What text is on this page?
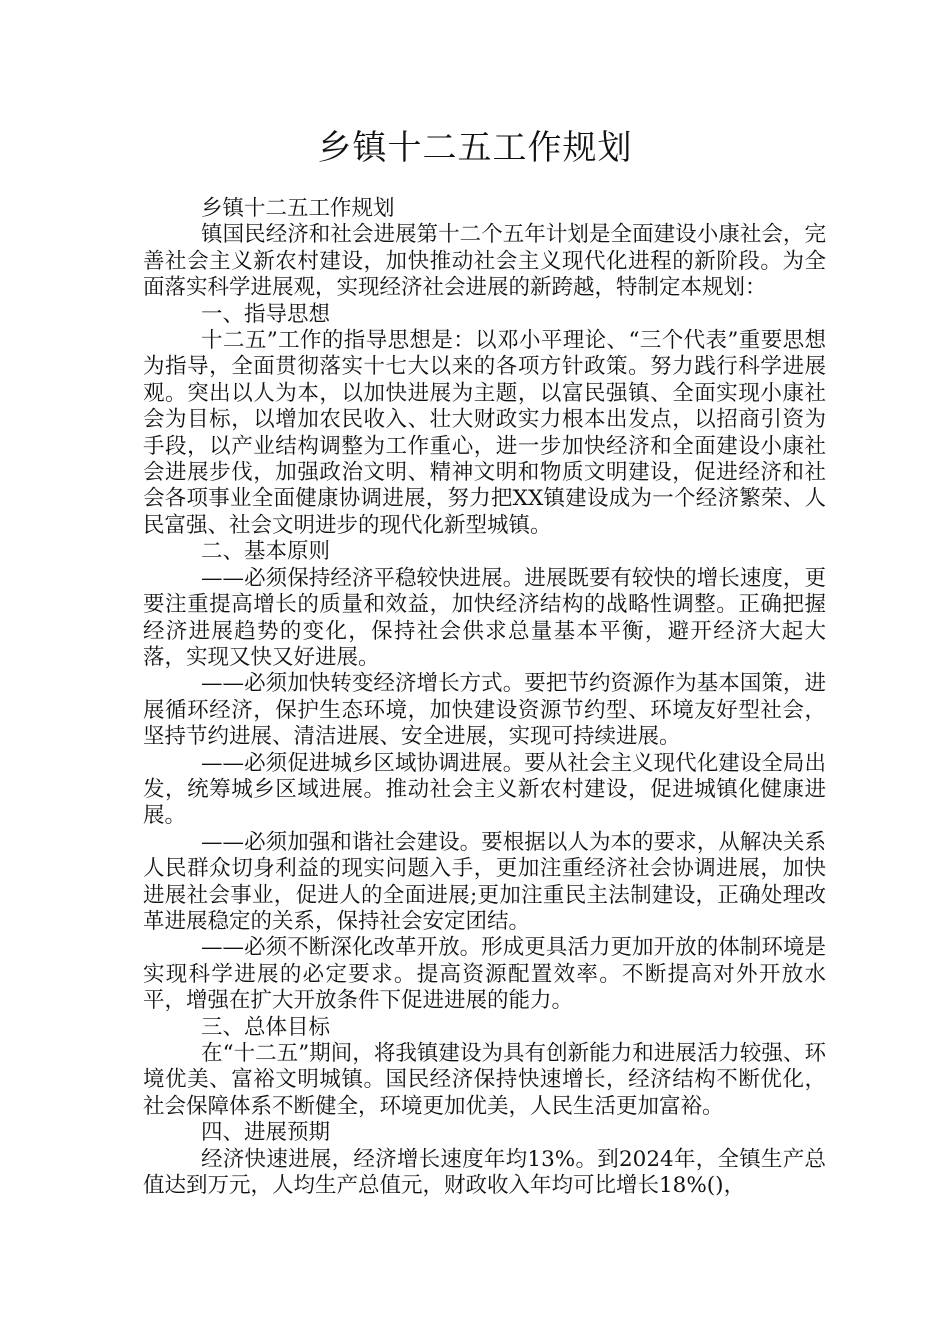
乡镇十二五工作规划

乡镇十二五工作规划

镇国民经济和社会进展第十二个五年计划是全面建设小康社会，完善社会主义新农村建设，加快推动社会主义现代化进程的新阶段。为全面落实科学进展观，实现经济社会进展的新跨越，特制定本规划：

一、指导思想

十二五”工作的指导思想是：以邓小平理论、“三个代表”重要思想为指导，全面贯彻落实十七大以来的各项方针政策。努力践行科学进展观。突出以人为本，以加快进展为主题，以富民强镇、全面实现小康社会为目标，以增加农民收入、壮大财政实力根本出发点，以招商引资为手段，以产业结构调整为工作重心，进一步加快经济和全面建设小康社会进展步伐，加强政治文明、精神文明和物质文明建设，促进经济和社会各项事业全面健康协调进展，努力把XX镇建设成为一个经济繁荣、人民富强、社会文明进步的现代化新型城镇。

二、基本原则

——必须保持经济平稳较快进展。进展既要有较快的增长速度，更要注重提高增长的质量和效益，加快经济结构的战略性调整。正确把握经济进展趋势的变化，保持社会供求总量基本平衡，避开经济大起大落，实现又快又好进展。

——必须加快转变经济增长方式。要把节约资源作为基本国策，进展循环经济，保护生态环境，加快建设资源节约型、环境友好型社会，坚持节约进展、清洁进展、安全进展，实现可持续进展。

——必须促进城乡区域协调进展。要从社会主义现代化建设全局出发，统筹城乡区域进展。推动社会主义新农村建设，促进城镇化健康进展。

——必须加强和谐社会建设。要根据以人为本的要求，从解决关系人民群众切身利益的现实问题入手，更加注重经济社会协调进展，加快进展社会事业，促进人的全面进展;更加注重民主法制建设，正确处理改革进展稳定的关系，保持社会安定团结。

——必须不断深化改革开放。形成更具活力更加开放的体制环境是实现科学进展的必定要求。提高资源配置效率。不断提高对外开放水平，增强在扩大开放条件下促进进展的能力。

三、总体目标

在“十二五”期间，将我镇建设为具有创新能力和进展活力较强、环境优美、富裕文明城镇。国民经济保持快速增长，经济结构不断优化，社会保障体系不断健全，环境更加优美，人民生活更加富裕。

四、进展预期

经济快速进展，经济增长速度年均13%。到2024年，全镇生产总值达到万元，人均生产总值元，财政收入年均可比增长18%()，
